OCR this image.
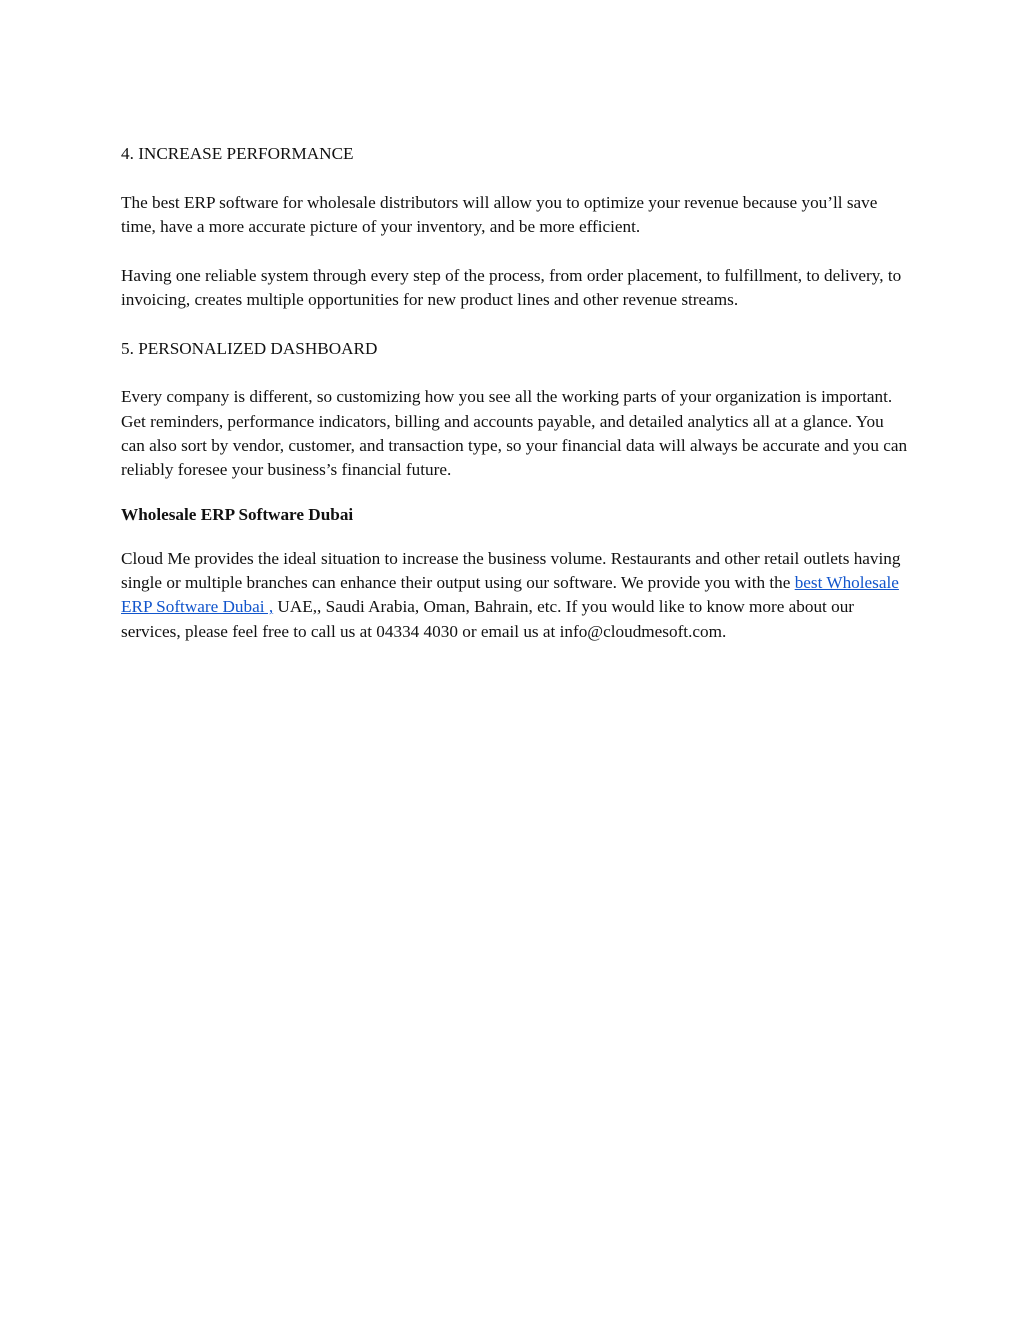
4. INCREASE PERFORMANCE

The best ERP software for wholesale distributors will allow you to optimize your revenue because you’ll save time, have a more accurate picture of your inventory, and be more efficient.

Having one reliable system through every step of the process, from order placement, to fulfillment, to delivery, to invoicing, creates multiple opportunities for new product lines and other revenue streams.

5. PERSONALIZED DASHBOARD

Every company is different, so customizing how you see all the working parts of your organization is important. Get reminders, performance indicators, billing and accounts payable, and detailed analytics all at a glance. You can also sort by vendor, customer, and transaction type, so your financial data will always be accurate and you can reliably foresee your business’s financial future.

Wholesale ERP Software Dubai

Cloud Me provides the ideal situation to increase the business volume. Restaurants and other retail outlets having single or multiple branches can enhance their output using our software. We provide you with the best Wholesale ERP Software Dubai , UAE,, Saudi Arabia, Oman, Bahrain, etc. If you would like to know more about our services, please feel free to call us at 04334 4030 or email us at info@cloudmesoft.com.
